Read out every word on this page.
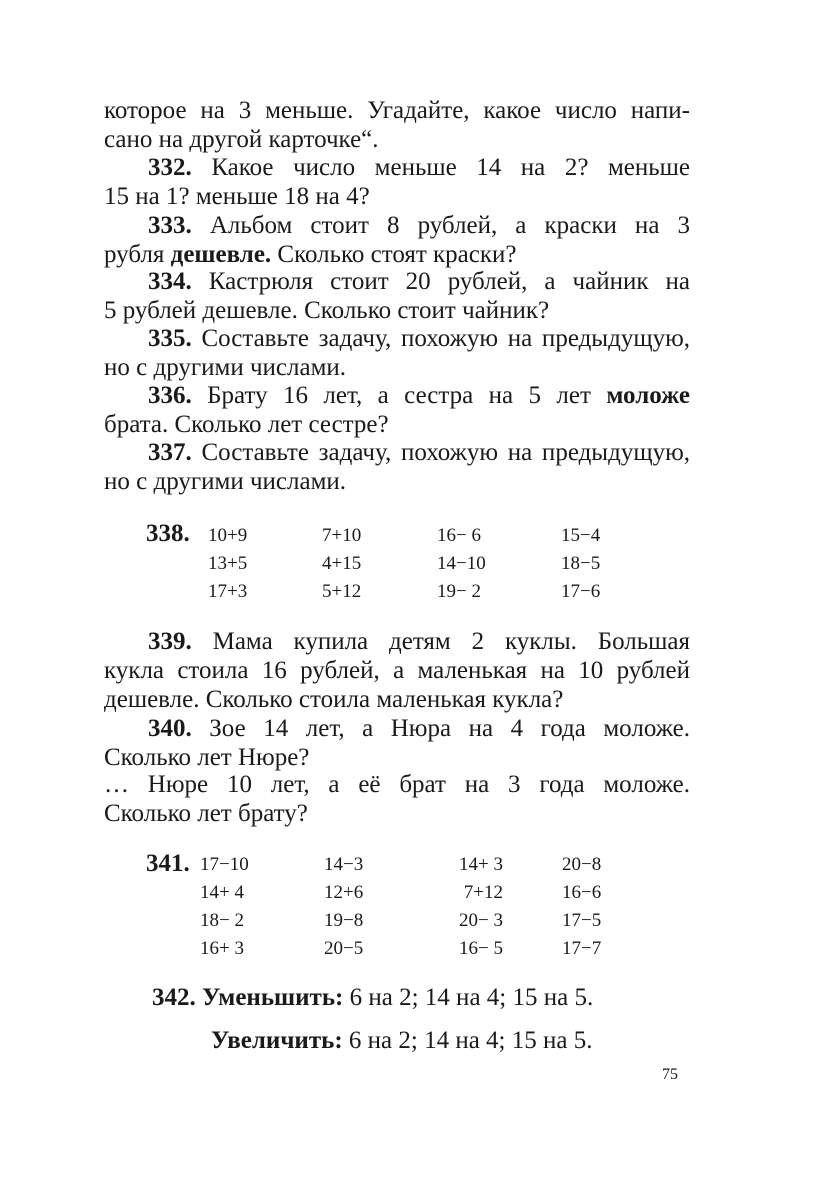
которое на 3 меньше. Угадайте, какое число напи-
сано на другой карточке“.

332. Какое число меньше 14 на 2? меньше
15 на 1? меньше 18 на 4?

333. Альбом стоит 8 рублей, а краски на 3
рубля дешевле. Сколько стоят краски?

334. Кастрюля стоит 20 рублей, а чайник на
5 рублей дешевле. Сколько стоит чайник?

335. Составьте задачу, похожую на предыдущую,
но с другими числами.

336. Брату 16 лет, а сестра на 5 лет моложе
брата. Сколько лет сестре?

337. Составьте задачу, похожую на предыдущую,
но с другими числами.

338. 10+9
13+5
17+3
7+10
4+15
5+12
16− 6
14−10
19− 2
15−4
18−5
17−6

339. Мама купила детям 2 куклы. Большая
кукла стоила 16 рублей, а маленькая на 10 рублей
дешевле. Сколько стоила маленькая кукла?

340. Зое 14 лет, а Нюра на 4 года моложе.
Сколько лет Нюре?

… Нюре 10 лет, а её брат на 3 года моложе.
Сколько лет брату?

341. 17−10
14+ 4
18− 2
16+ 3
14−3
12+6
19−8
20−5
14+ 3
7+12
20− 3
16− 5
20−8
16−6
17−5
17−7
342. Уменьшить: 6 на 2; 14 на 4; 15 на 5.
Увеличить: 6 на 2; 14 на 4; 15 на 5.
75
